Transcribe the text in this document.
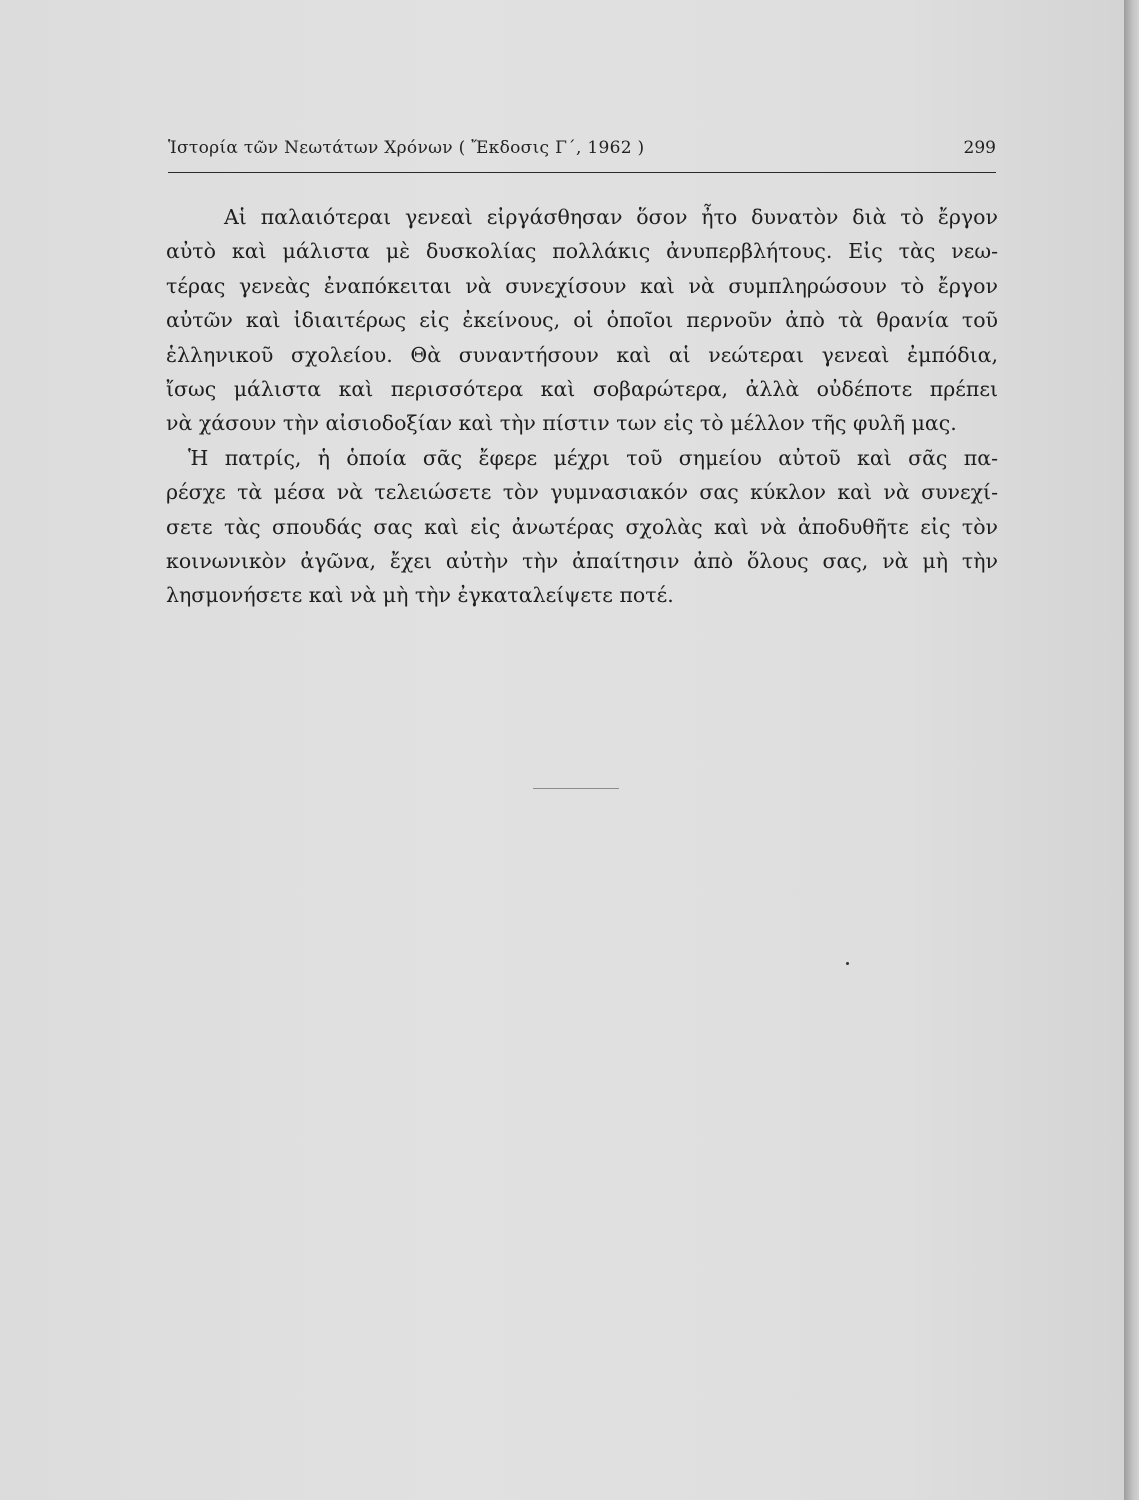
Ἱστορία τῶν Νεωτάτων Χρόνων ( Ἔκδοσις Γ΄, 1962 )	299
Αἱ παλαιότεραι γενεαὶ εἰργάσθησαν ὅσον ἦτο δυνατὸν διὰ τὸ ἔργον
αὐτὸ καὶ μάλιστα μὲ δυσκολίας πολλάκις ἀνυπερβλήτους. Εἰς τὰς νεω-
τέρας γενεὰς ἐναπόκειται νὰ συνεχίσουν καὶ νὰ συμπληρώσουν τὸ ἔργον
αὐτῶν καὶ ἰδιαιτέρως εἰς ἐκείνους, οἱ ὁποῖοι περνοῦν ἀπὸ τὰ θρανία τοῦ
ἑλληνικοῦ σχολείου. Θὰ συναντήσουν καὶ αἱ νεώτεραι γενεαὶ ἐμπόδια,
ἴσως μάλιστα καὶ περισσότερα καὶ σοβαρώτερα, ἀλλὰ οὐδέποτε πρέπει
νὰ χάσουν τὴν αἰσιοδοξίαν καὶ τὴν πίστιν των εἰς τὸ μέλλον τῆς φυλῆ μας.
Ἡ πατρίς, ἡ ὁποία σᾶς ἔφερε μέχρι τοῦ σημείου αὐτοῦ καὶ σᾶς πα-
ρέσχε τὰ μέσα νὰ τελειώσετε τὸν γυμνασιακόν σας κύκλον καὶ νὰ συνεχί-
σετε τὰς σπουδάς σας καὶ εἰς ἀνωτέρας σχολὰς καὶ νὰ ἀποδυθῆτε εἰς τὸν
κοινωνικὸν ἀγῶνα, ἔχει αὐτὴν τὴν ἀπαίτησιν ἀπὸ ὅλους σας, νὰ μὴ τὴν
λησμονήσετε καὶ νὰ μὴ τὴν ἐγκαταλείψετε ποτέ.
